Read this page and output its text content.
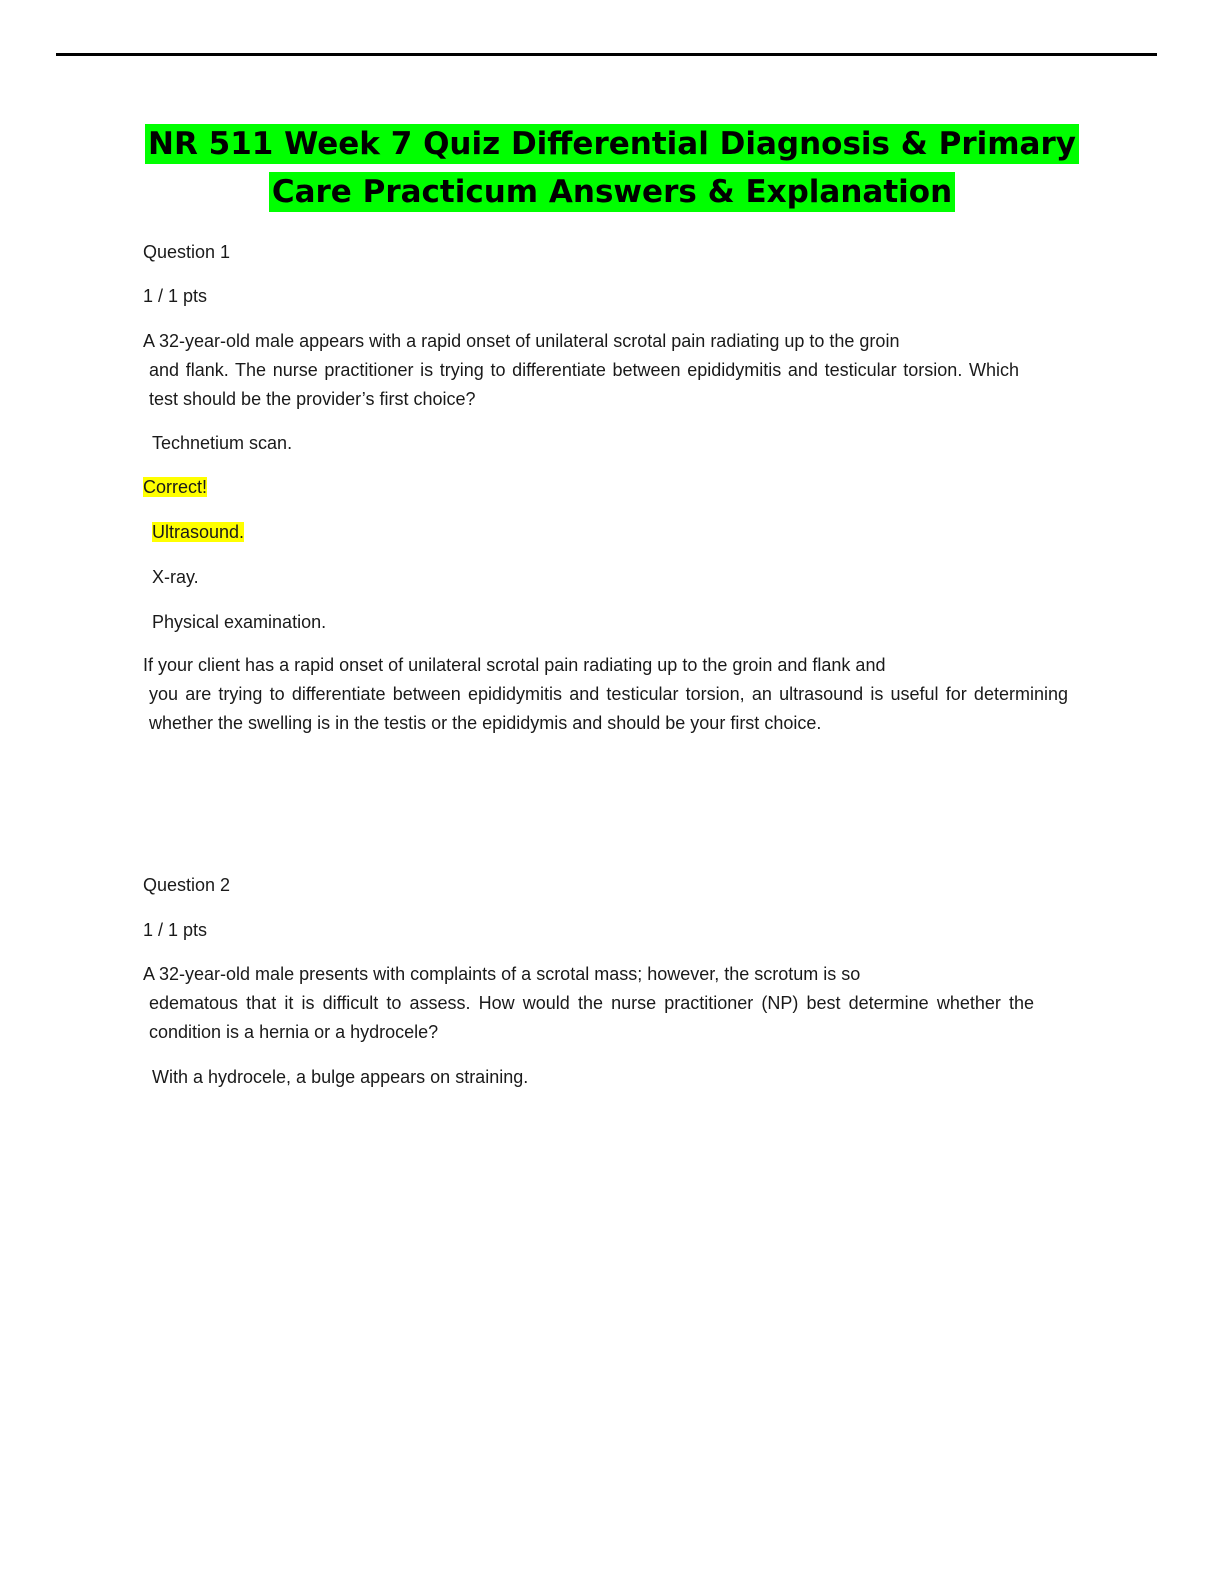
NR 511 Week 7 Quiz Differential Diagnosis & Primary
Care Practicum Answers & Explanation
Question 1
1 / 1 pts
A 32-year-old male appears with a rapid onset of unilateral scrotal pain radiating up to the groin
and flank. The nurse practitioner is trying to differentiate between epididymitis and testicular torsion. Which test should be the provider’s first choice?
Technetium scan.
Correct!
Ultrasound.
X-ray.
Physical examination.
If your client has a rapid onset of unilateral scrotal pain radiating up to the groin and flank and
you are trying to differentiate between epididymitis and testicular torsion, an ultrasound is useful for determining whether the swelling is in the testis or the epididymis and should be your first choice.
Question 2
1 / 1 pts
A 32-year-old male presents with complaints of a scrotal mass; however, the scrotum is so
edematous that it is difficult to assess. How would the nurse practitioner (NP) best determine whether the condition is a hernia or a hydrocele?
With a hydrocele, a bulge appears on straining.
